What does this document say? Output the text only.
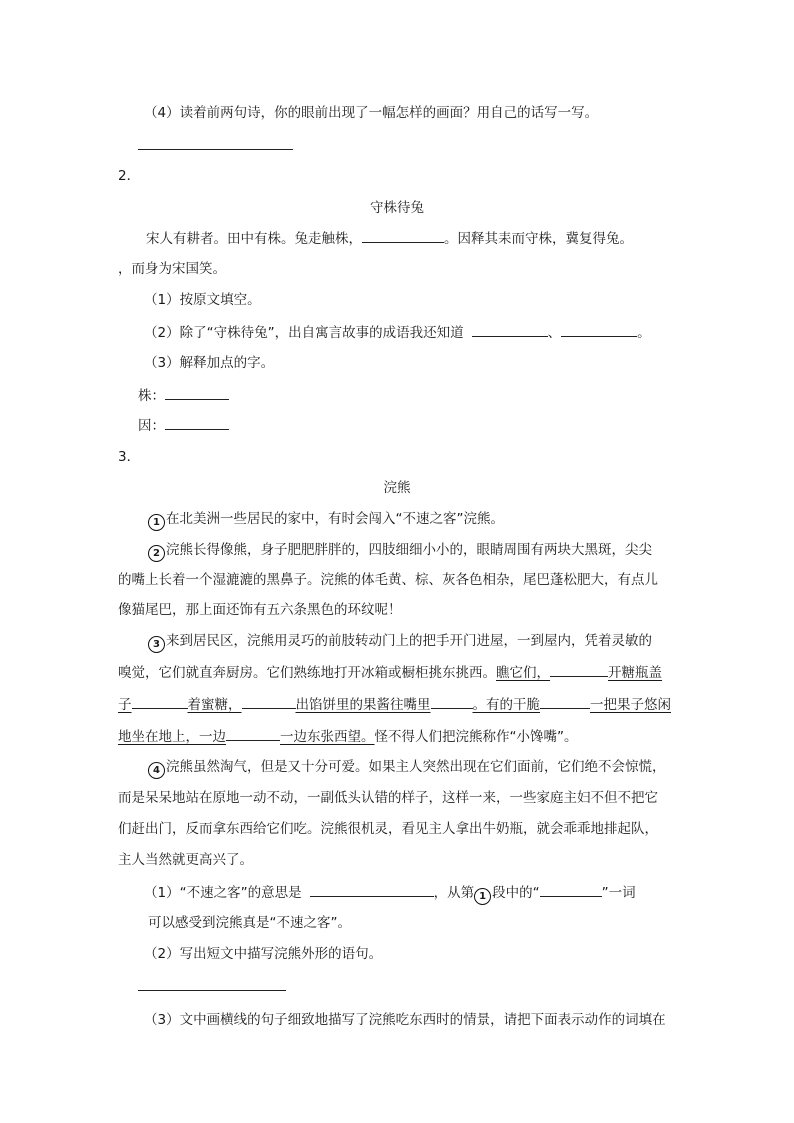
（4）读着前两句诗，你的眼前出现了一幅怎样的画面？用自己的话写一写。
2．
守株待兔
宋人有耕者。田中有株。兔走触株，	。因释其耒而守株，冀复得兔。
，而身为宋国笑。
（1）按原文填空。
（2）除了“守株待兔”，出自寓言故事的成语我还知道	、	。
（3）解释加点的字。
株：
因：
3．
浣熊
1 在北美洲一些居民的家中，有时会闯入“不速之客”浣熊。
2 浣熊长得像熊，身子肥肥胖胖的，四肢细细小小的，眼睛周围有两块大黑斑，尖尖
的嘴上长着一个湿漉漉的黑鼻子。浣熊的体毛黄、棕、灰各色相杂，尾巴蓬松肥大，有点儿
像猫尾巴，那上面还饰有五六条黑色的环纹呢！
3 来到居民区，浣熊用灵巧的前肢转动门上的把手开门进屋，一到屋内，凭着灵敏的
嗅觉，它们就直奔厨房。它们熟练地打开冰箱或橱柜挑东挑西。瞧它们，	开糖瓶盖
子	着蜜糖，	出馅饼里的果酱往嘴里	。有的干脆	一把果子悠闲
地坐在地上，一边	一边东张西望。怪不得人们把浣熊称作“小馋嘴”。
4 浣熊虽然淘气，但是又十分可爱。如果主人突然出现在它们面前，它们绝不会惊慌，
而是呆呆地站在原地一动不动，一副低头认错的样子，这样一来，一些家庭主妇不但不把它
们赶出门，反而拿东西给它们吃。浣熊很机灵，看见主人拿出牛奶瓶，就会乖乖地排起队，
主人当然就更高兴了。
（1）“不速之客”的意思是	，从第 1 段中的“	”一词
可以感受到浣熊真是“不速之客”。
（2）写出短文中描写浣熊外形的语句。
（3）文中画横线的句子细致地描写了浣熊吃东西时的情景，请把下面表示动作的词填在
